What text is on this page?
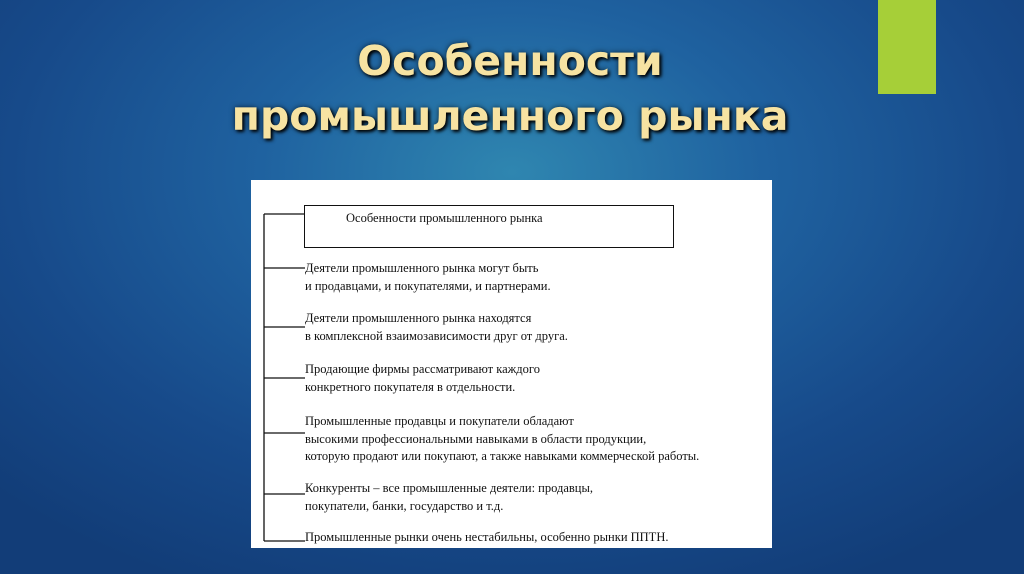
Особенности
промышленного рынка
Особенности промышленного рынка
Деятели промышленного рынка могут быть
и продавцами, и покупателями, и партнерами.
Деятели промышленного рынка находятся
в комплексной взаимозависимости друг от друга.
Продающие фирмы рассматривают каждого
конкретного покупателя в отдельности.
Промышленные продавцы и покупатели обладают
высокими профессиональными навыками в области продукции,
которую продают или покупают, а также навыками коммерческой работы.
Конкуренты – все промышленные деятели: продавцы,
покупатели, банки, государство и т.д.
Промышленные рынки очень нестабильны, особенно рынки ППТН.
